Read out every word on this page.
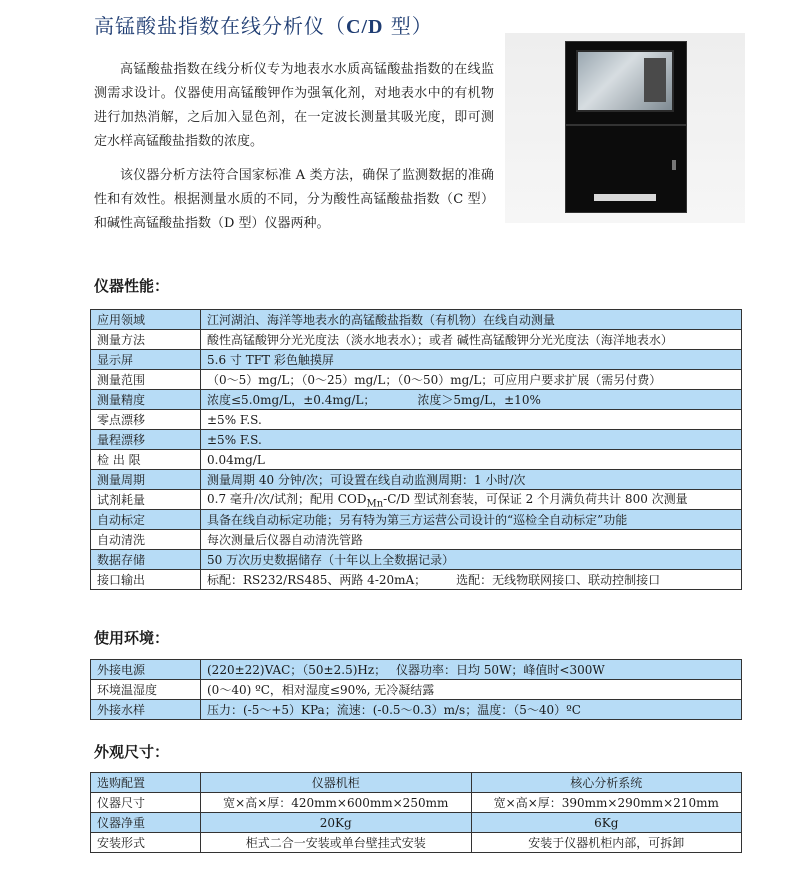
高锰酸盐指数在线分析仪（C/D 型）

高锰酸盐指数在线分析仪专为地表水水质高锰酸盐指数的在线监测需求设计。仪器使用高锰酸钾作为强氧化剂，对地表水中的有机物进行加热消解，之后加入显色剂，在一定波长测量其吸光度，即可测定水样高锰酸盐指数的浓度。

该仪器分析方法符合国家标准 A 类方法，确保了监测数据的准确性和有效性。根据测量水质的不同，分为酸性高锰酸盐指数（C 型）和碱性高锰酸盐指数（D 型）仪器两种。

仪器性能：
应用领域	江河湖泊、海洋等地表水的高锰酸盐指数（有机物）在线自动测量
测量方法	酸性高锰酸钾分光光度法（淡水地表水）；或者 碱性高锰酸钾分光光度法（海洋地表水）
显示屏	5.6 寸 TFT 彩色触摸屏
测量范围	（0～5）mg/L；（0～25）mg/L；（0～50）mg/L；可应用户要求扩展（需另付费）
测量精度	浓度≤5.0mg/L，±0.4mg/L；　　　　浓度＞5mg/L，±10%
零点漂移	±5% F.S.
量程漂移	±5% F.S.
检 出 限	0.04mg/L
测量周期	测量周期 40 分钟/次；可设置在线自动监测周期：1 小时/次
试剂耗量	0.7 毫升/次/试剂；配用 $COD_{Mn}-C/D$ 型试剂套装，可保证 2 个月满负荷共计 800 次测量
自动标定	具备在线自动标定功能；另有特为第三方运营公司设计的“巡检全自动标定”功能
自动清洗	每次测量后仪器自动清洗管路
数据存储	50 万次历史数据储存（十年以上全数据记录）
接口输出	标配：RS232/RS485、两路 4-20mA；　　　选配：无线物联网接口、联动控制接口
使用环境：
外接电源	(220±22)VAC；（50±2.5)Hz；　 仪器功率：日均 50W；峰值时<300W
环境温湿度	(0～40) ºC，相对湿度≤90%, 无冷凝结露
外接水样	压力：(-5～+5）KPa；流速：(-0.5～0.3）m/s；温度：（5～40）ºC
外观尺寸：
选购配置	仪器机柜	核心分析系统
仪器尺寸	宽×高×厚：420mm×600mm×250mm	宽×高×厚：390mm×290mm×210mm
仪器净重	20Kg	6Kg
安装形式	柜式二合一安装或单台壁挂式安装	安装于仪器机柜内部，可拆卸
